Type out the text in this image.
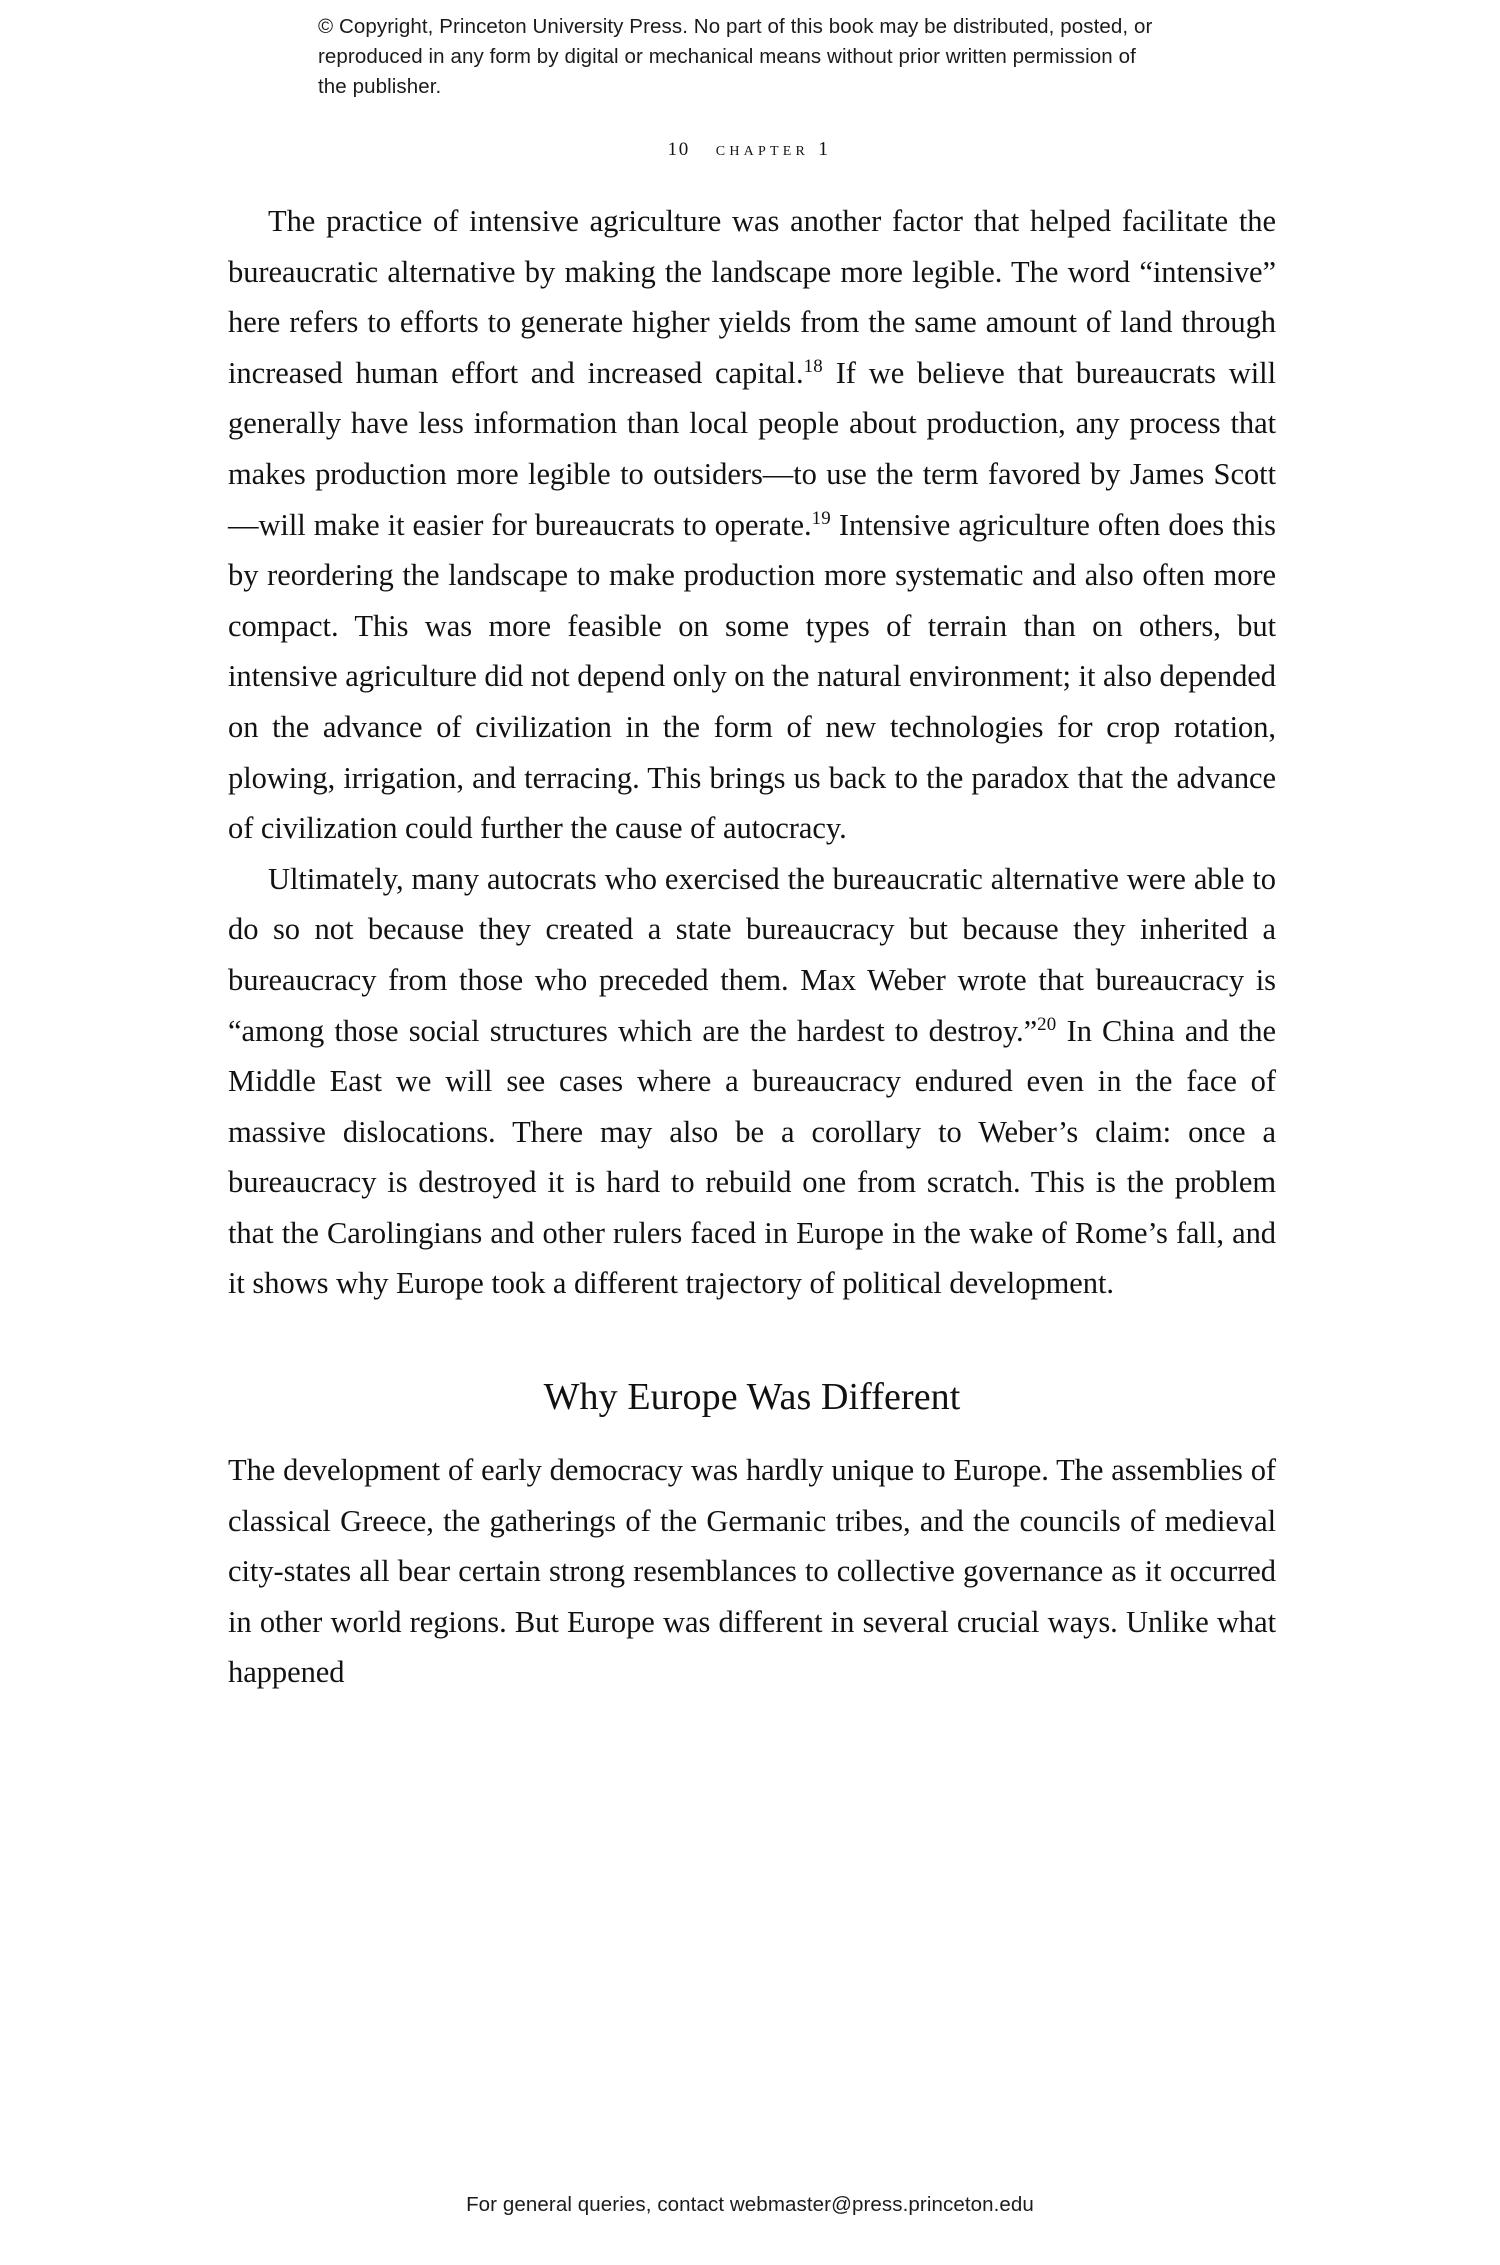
© Copyright, Princeton University Press. No part of this book may be distributed, posted, or reproduced in any form by digital or mechanical means without prior written permission of the publisher.
10 chapter 1

The practice of intensive agriculture was another factor that helped facilitate the bureaucratic alternative by making the landscape more legible. The word “intensive” here refers to efforts to generate higher yields from the same amount of land through increased human effort and increased capital.$^{18}$ If we believe that bureaucrats will generally have less information than local people about production, any process that makes production more legible to outsiders—to use the term favored by James Scott—will make it easier for bureaucrats to operate.$^{19}$ Intensive agriculture often does this by reordering the landscape to make production more systematic and also often more compact. This was more feasible on some types of terrain than on others, but intensive agriculture did not depend only on the natural environment; it also depended on the advance of civilization in the form of new technologies for crop rotation, plowing, irrigation, and terracing. This brings us back to the paradox that the advance of civilization could further the cause of autocracy.

Ultimately, many autocrats who exercised the bureaucratic alternative were able to do so not because they created a state bureaucracy but because they inherited a bureaucracy from those who preceded them. Max Weber wrote that bureaucracy is “among those social structures which are the hardest to destroy.”$^{20}$ In China and the Middle East we will see cases where a bureaucracy endured even in the face of massive dislocations. There may also be a corollary to Weber’s claim: once a bureaucracy is destroyed it is hard to rebuild one from scratch. This is the problem that the Carolingians and other rulers faced in Europe in the wake of Rome’s fall, and it shows why Europe took a different trajectory of political development.

Why Europe Was Different

The development of early democracy was hardly unique to Europe. The assemblies of classical Greece, the gatherings of the Germanic tribes, and the councils of medieval city-states all bear certain strong resemblances to collective governance as it occurred in other world regions. But Europe was different in several crucial ways. Unlike what happened

For general queries, contact webmaster@press.princeton.edu
